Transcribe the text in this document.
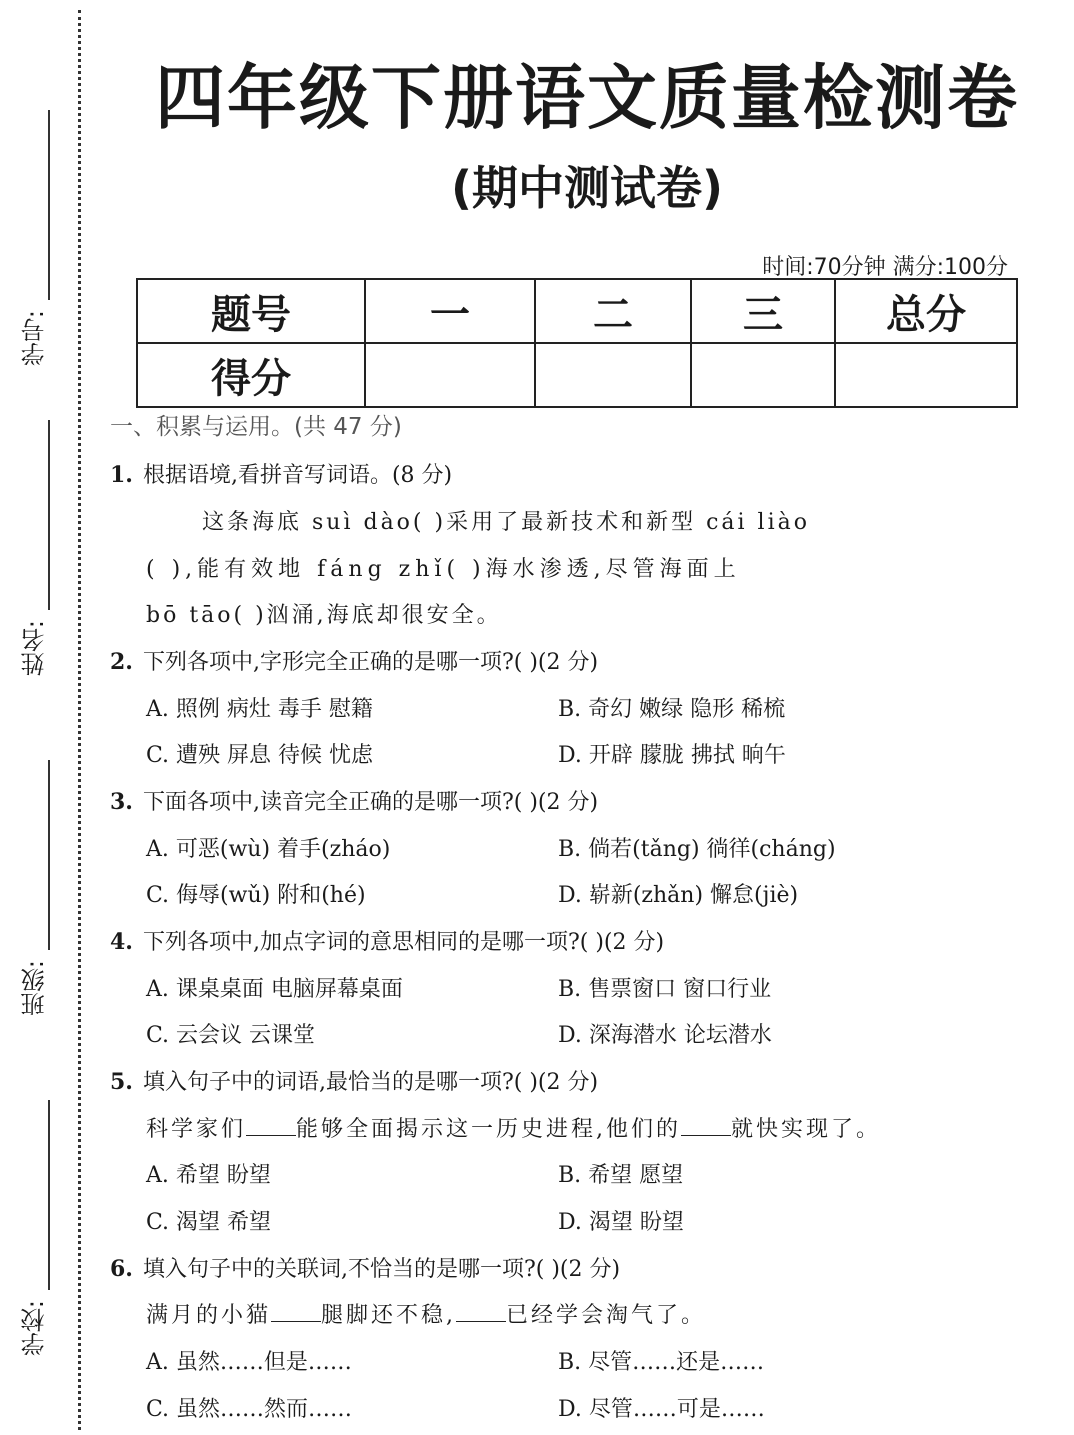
学号:
姓名:
班级:
学校:
四年级下册语文质量检测卷
(期中测试卷)
时间:70分钟 满分:100分
题号	一	二	三	总分
得分				
一、积累与运用。(共 47 分)
1. 根据语境,看拼音写词语。(8 分)
这条海底 suì dào( )采用了最新技术和新型 cái liào
( ),能有效地 fáng zhǐ( )海水渗透,尽管海面上
bō tāo( )汹涌,海底却很安全。
2. 下列各项中,字形完全正确的是哪一项?( )(2 分)
A. 照例 病灶 毒手 慰籍	B. 奇幻 嫩绿 隐形 稀梳
C. 遭殃 屏息 待候 忧虑	D. 开辟 朦胧 拂拭 晌午
3. 下面各项中,读音完全正确的是哪一项?( )(2 分)
A. 可恶(wù) 着手(zháo)	B. 倘若(tǎng) 徜徉(cháng)
C. 侮辱(wǔ) 附和(hé)	D. 崭新(zhǎn) 懈怠(jiè)
4. 下列各项中,加点字词的意思相同的是哪一项?( )(2 分)
A. 课桌桌面 电脑屏幕桌面	B. 售票窗口 窗口行业
C. 云会议 云课堂	D. 深海潜水 论坛潜水
5. 填入句子中的词语,最恰当的是哪一项?( )(2 分)
科学家们 能够全面揭示这一历史进程,他们的 就快实现了。
A. 希望 盼望	B. 希望 愿望
C. 渴望 希望	D. 渴望 盼望
6. 填入句子中的关联词,不恰当的是哪一项?( )(2 分)
满月的小猫 腿脚还不稳, 已经学会淘气了。
A. 虽然……但是……	B. 尽管……还是……
C. 虽然……然而……	D. 尽管……可是……
